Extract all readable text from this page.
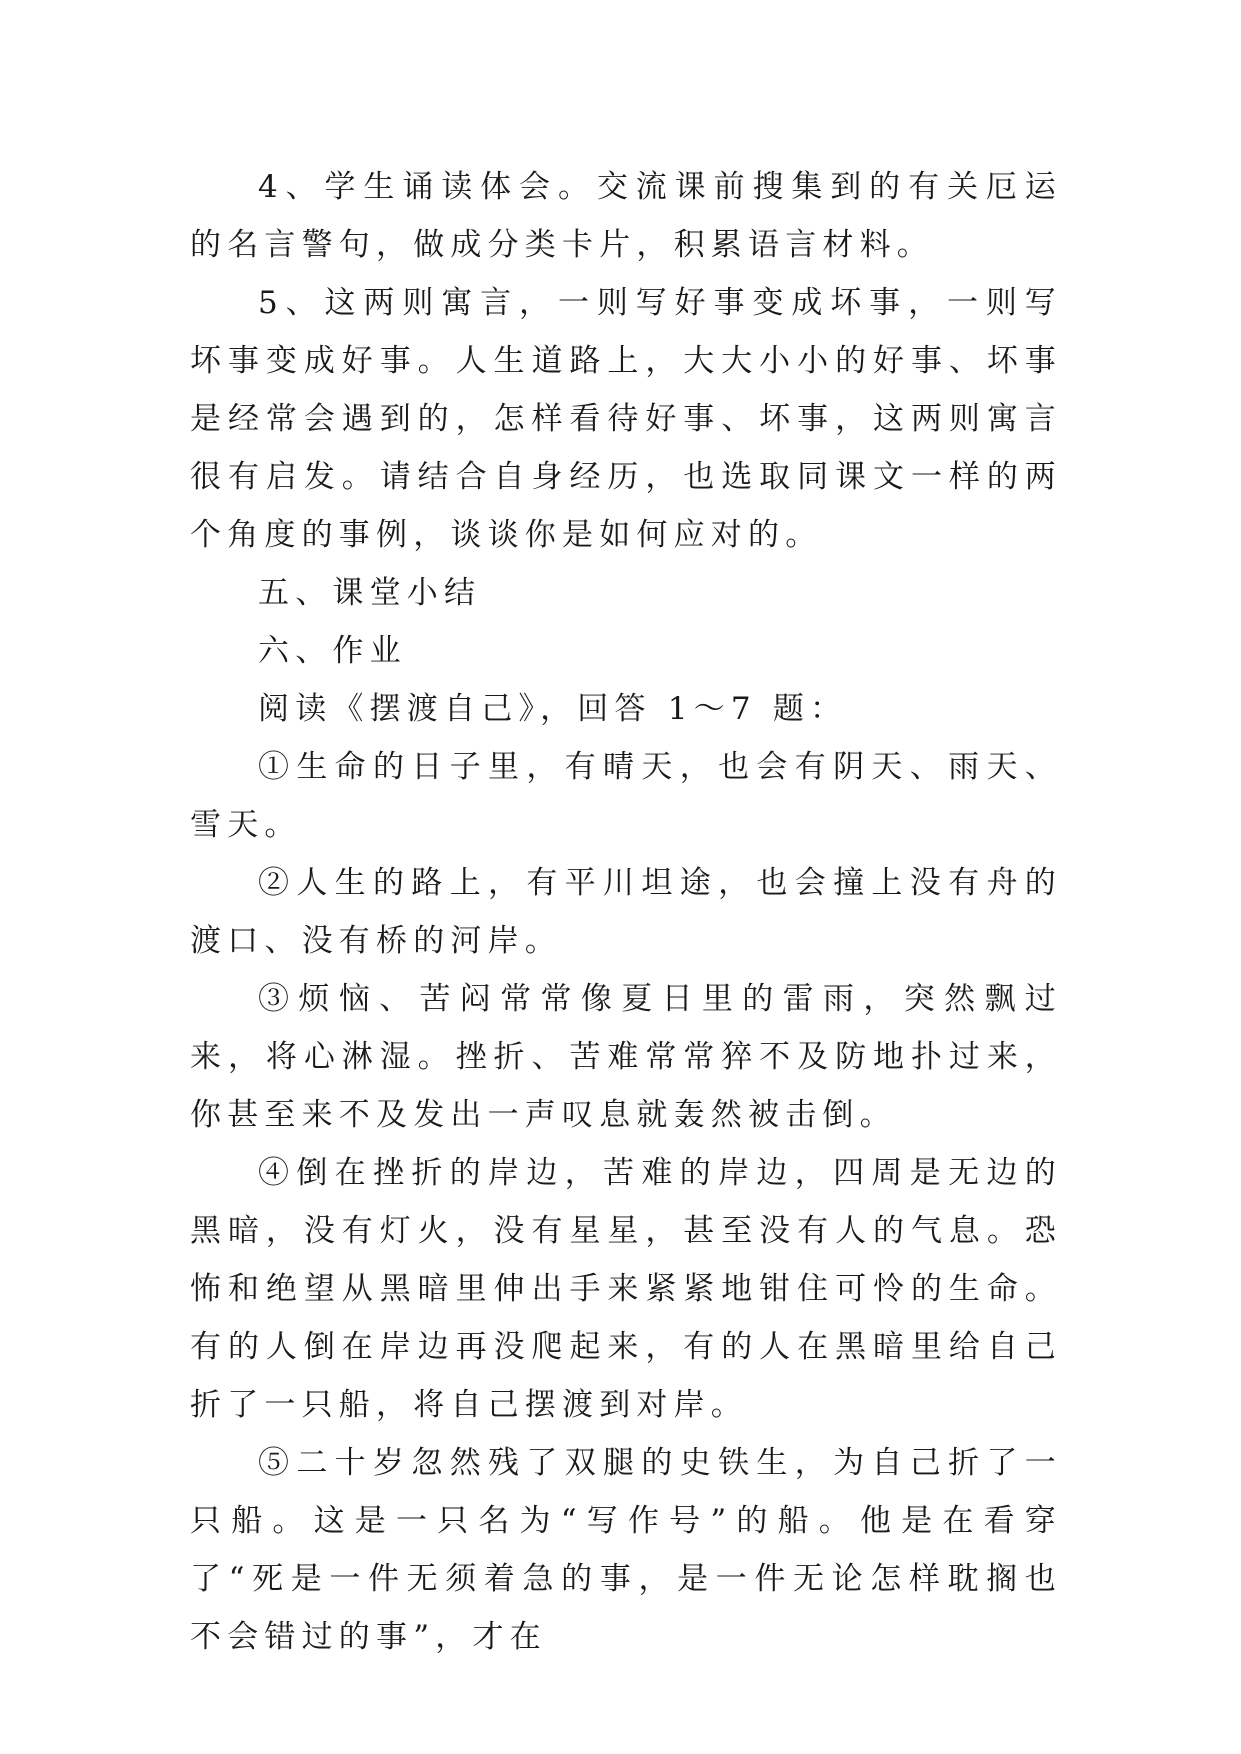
4、学生诵读体会。交流课前搜集到的有关厄运的名言警句，做成分类卡片，积累语言材料。

5、这两则寓言，一则写好事变成坏事，一则写坏事变成好事。人生道路上，大大小小的好事、坏事是经常会遇到的，怎样看待好事、坏事，这两则寓言很有启发。请结合自身经历，也选取同课文一样的两个角度的事例，谈谈你是如何应对的。

五、课堂小结

六、作业

阅读《摆渡自己》，回答 1～7 题：

①生命的日子里，有晴天，也会有阴天、雨天、雪天。

②人生的路上，有平川坦途，也会撞上没有舟的渡口、没有桥的河岸。

③烦恼、苦闷常常像夏日里的雷雨，突然飘过来，将心淋湿。挫折、苦难常常猝不及防地扑过来，你甚至来不及发出一声叹息就轰然被击倒。

④倒在挫折的岸边，苦难的岸边，四周是无边的黑暗，没有灯火，没有星星，甚至没有人的气息。恐怖和绝望从黑暗里伸出手来紧紧地钳住可怜的生命。有的人倒在岸边再没爬起来，有的人在黑暗里给自己折了一只船，将自己摆渡到对岸。

⑤二十岁忽然残了双腿的史铁生，为自己折了一只船。这是一只名为“写作号”的船。他是在看穿了“死是一件无须着急的事，是一件无论怎样耽搁也不会错过的事”，才在
